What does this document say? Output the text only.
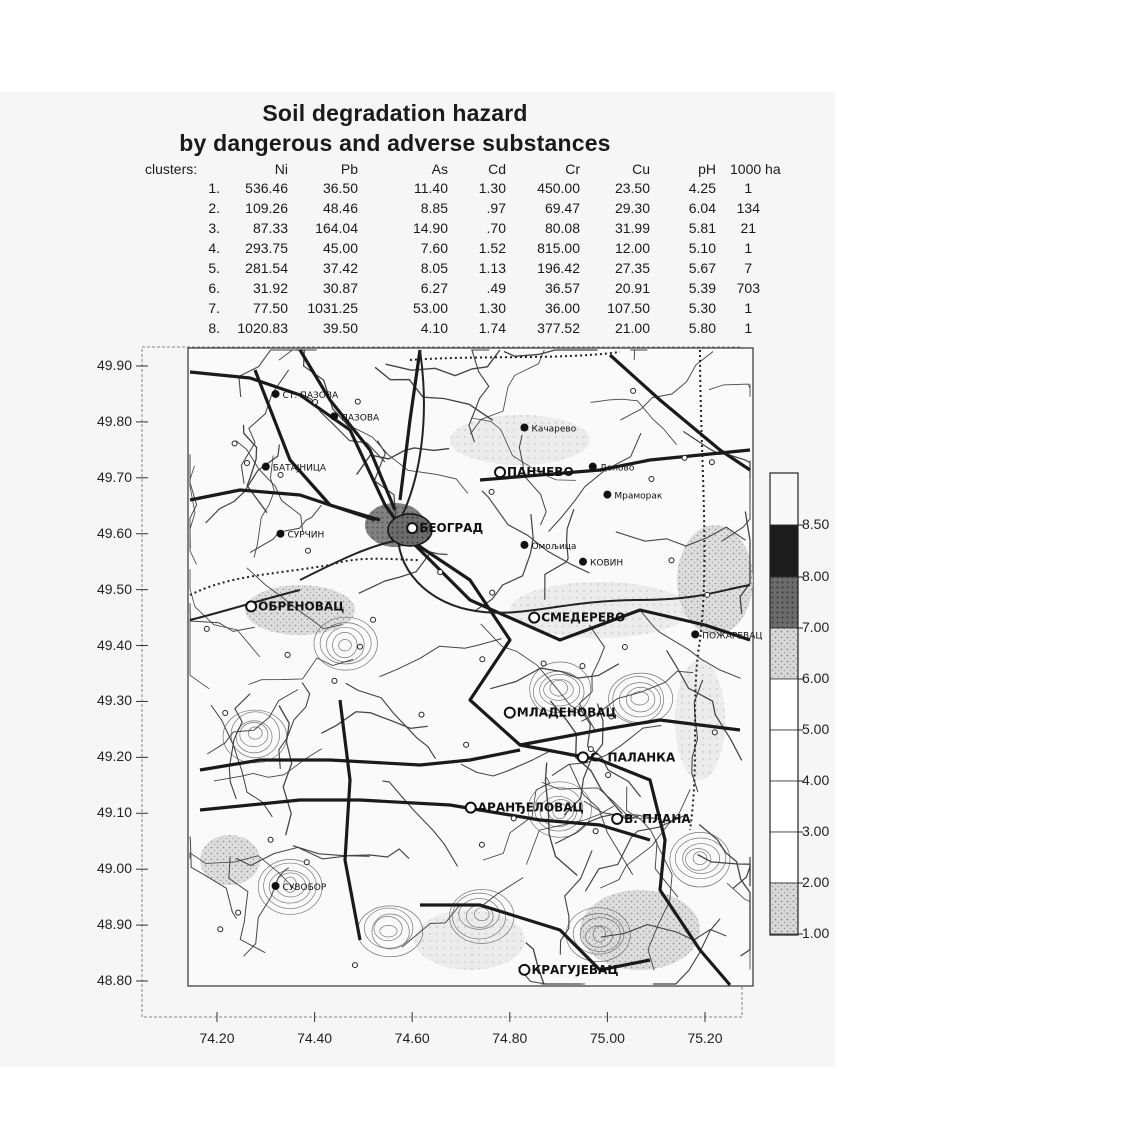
Soil degradation hazard
by dangerous and adverse substances
clusters:	Ni	Pb	As	Cd	Cr	Cu	pH	1000 ha
1.	536.46	36.50	11.40	1.30	450.00	23.50	4.25	1
2.	109.26	48.46	8.85	.97	69.47	29.30	6.04	134
3.	87.33	164.04	14.90	.70	80.08	31.99	5.81	21
4.	293.75	45.00	7.60	1.52	815.00	12.00	5.10	1
5.	281.54	37.42	8.05	1.13	196.42	27.35	5.67	7
6.	31.92	30.87	6.27	.49	36.57	20.91	5.39	703
7.	77.50	1031.25	53.00	1.30	36.00	107.50	5.30	1
8.	1020.83	39.50	4.10	1.74	377.52	21.00	5.80	1
БЕОГРАД
ПАНЧЕВО
СМЕДЕРЕВО
МЛАДЕНОВАЦ
АРАНЂЕЛОВАЦ
КРАГУЈЕВАЦ
С. ПАЛАНКА
В. ПЛАНА
ОБРЕНОВАЦ
СТ. ПАЗОВА
ПАЗОВА
БАТАЈНИЦА
СУРЧИН
КОВИН
ПОЖАРЕВАЦ
СУВОБОР
Долово
Омољица
Мраморак
Качарево
49.90
49.80
49.70
49.60
49.50
49.40
49.30
49.20
49.10
49.00
48.90
48.80
74.20	74.40	74.60	74.80	75.00	75.20
8.50
8.00
7.00
6.00
5.00
4.00
3.00
2.00
1.00
